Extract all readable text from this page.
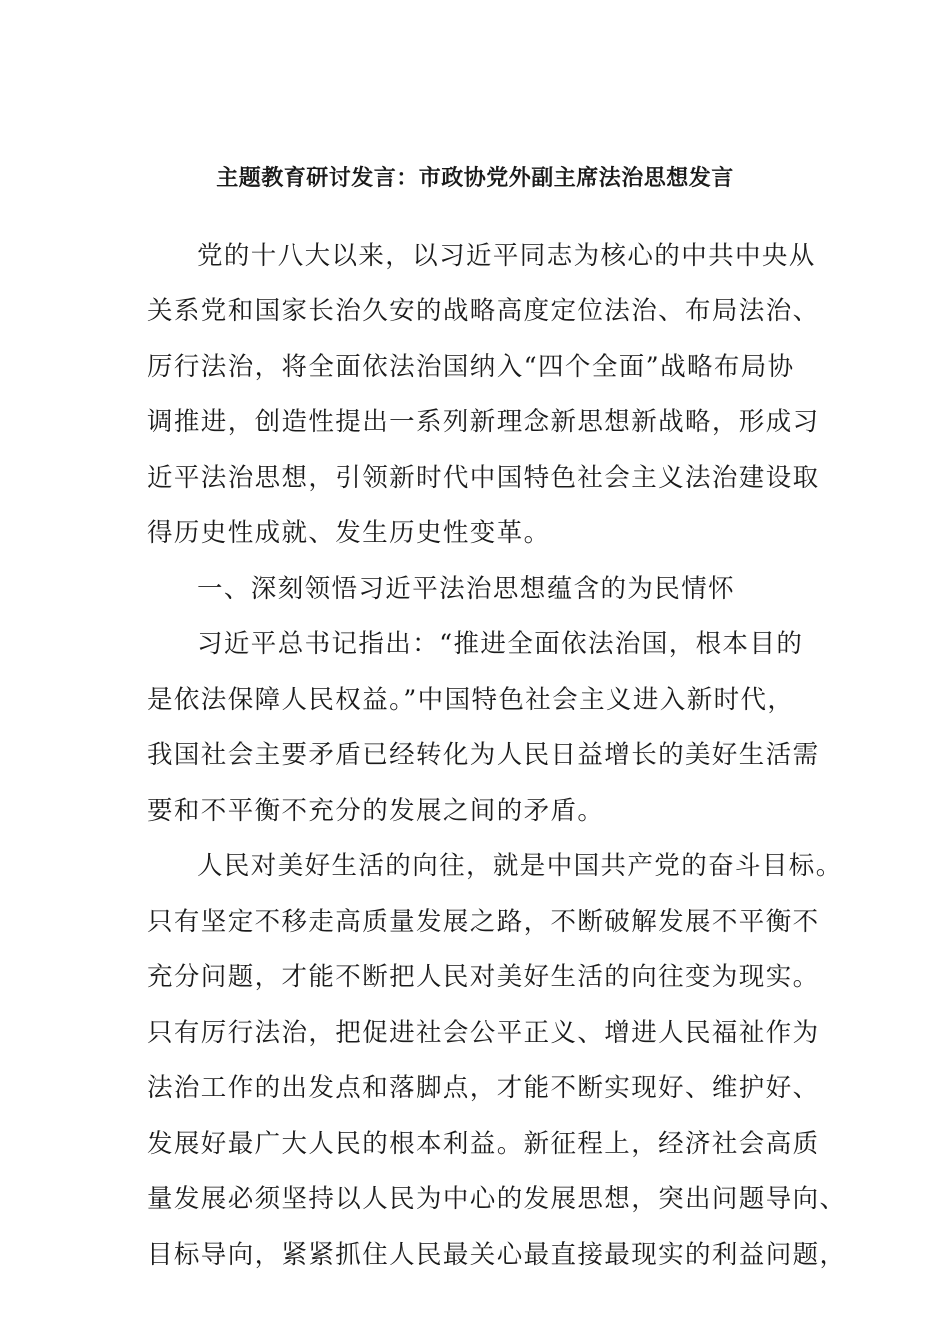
主题教育研讨发言：市政协党外副主席法治思想发言
党的十八大以来，以习近平同志为核心的中共中央从
关系党和国家长治久安的战略高度定位法治、布局法治、
厉行法治，将全面依法治国纳入“四个全面”战略布局协
调推进，创造性提出一系列新理念新思想新战略，形成习
近平法治思想，引领新时代中国特色社会主义法治建设取
得历史性成就、发生历史性变革。
一、深刻领悟习近平法治思想蕴含的为民情怀
习近平总书记指出：“推进全面依法治国，根本目的
是依法保障人民权益。”中国特色社会主义进入新时代，
我国社会主要矛盾已经转化为人民日益增长的美好生活需
要和不平衡不充分的发展之间的矛盾。
人民对美好生活的向往，就是中国共产党的奋斗目标。
只有坚定不移走高质量发展之路，不断破解发展不平衡不
充分问题，才能不断把人民对美好生活的向往变为现实。
只有厉行法治，把促进社会公平正义、增进人民福祉作为
法治工作的出发点和落脚点，才能不断实现好、维护好、
发展好最广大人民的根本利益。新征程上，经济社会高质
量发展必须坚持以人民为中心的发展思想，突出问题导向、
目标导向，紧紧抓住人民最关心最直接最现实的利益问题，
